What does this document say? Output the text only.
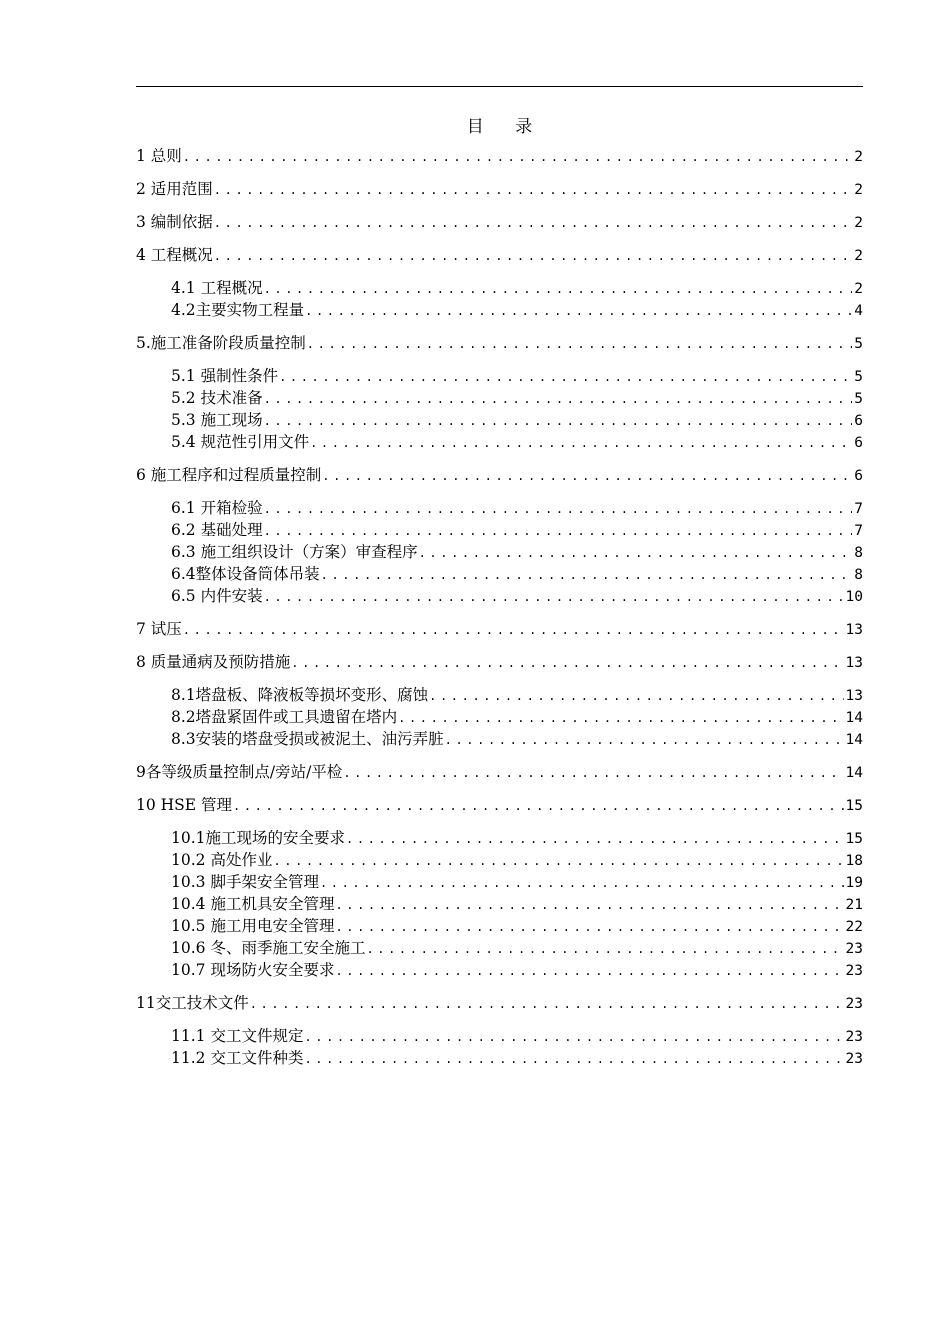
目 录
1 总则 .....	2
2 适用范围 .....	2
3 编制依据 .....	2
4 工程概况 .....	2
4.1 工程概况 .....	2
4.2主要实物工程量 .....	4
5.施工准备阶段质量控制 .....	5
5.1 强制性条件 .....	5
5.2 技术准备 .....	5
5.3 施工现场 .....	6
5.4 规范性引用文件 .....	6
6 施工程序和过程质量控制 .....	6
6.1 开箱检验 .....	7
6.2 基础处理 .....	7
6.3 施工组织设计（方案）审查程序 .....	8
6.4整体设备筒体吊装 .....	8
6.5 内件安装 .....	10
7 试压 .....	13
8 质量通病及预防措施 .....	13
8.1塔盘板、降液板等损坏变形、腐蚀 .....	13
8.2塔盘紧固件或工具遗留在塔内 .....	14
8.3安装的塔盘受损或被泥土、油污弄脏 .....	14
9各等级质量控制点/旁站/平检 .....	14
10 HSE 管理 .....	15
10.1施工现场的安全要求 .....	15
10.2 高处作业 .....	18
10.3 脚手架安全管理 .....	19
10.4 施工机具安全管理 .....	21
10.5 施工用电安全管理 .....	22
10.6 冬、雨季施工安全施工 .....	23
10.7 现场防火安全要求 .....	23
11交工技术文件 .....	23
11.1 交工文件规定 .....	23
11.2 交工文件种类 .....	23
